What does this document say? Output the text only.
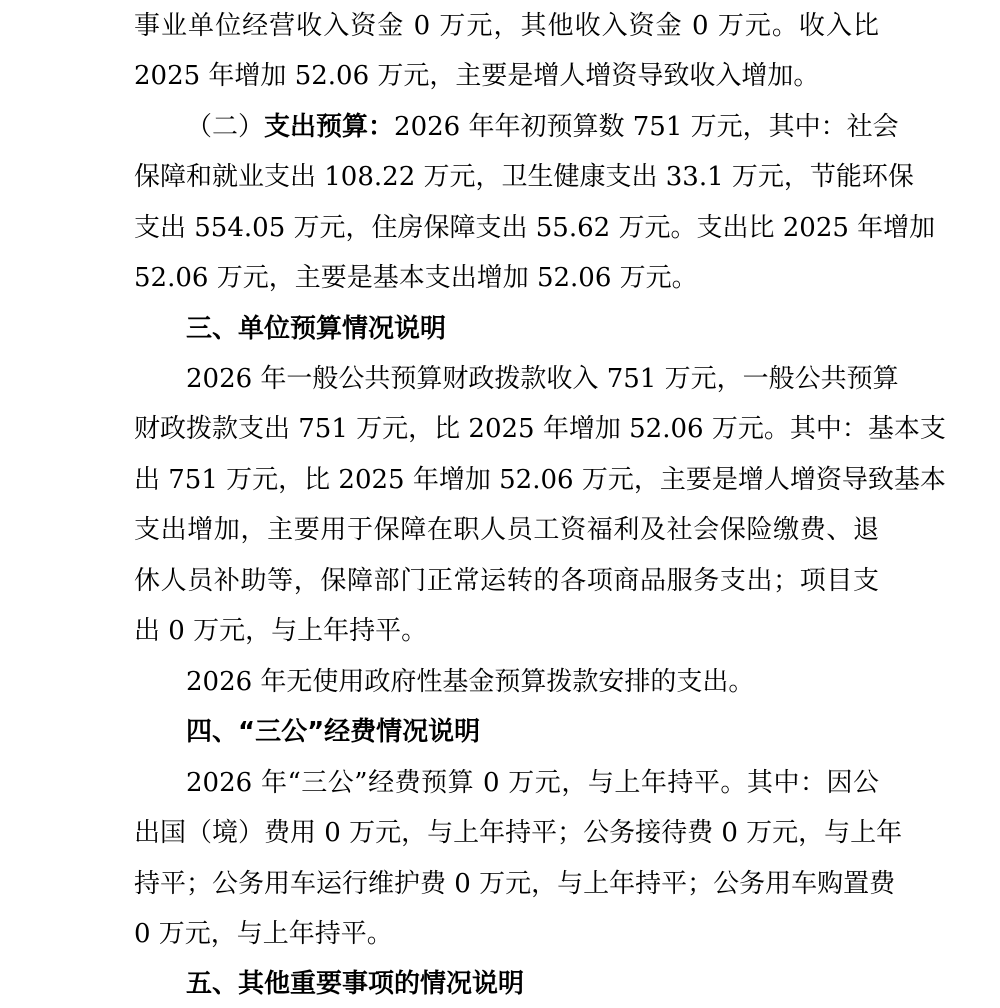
事业单位经营收入资金 0 万元，其他收入资金 0 万元。收入比

2025 年增加 52.06 万元，主要是增人增资导致收入增加。

（二）支出预算：2026 年年初预算数 751 万元，其中：社会

保障和就业支出 108.22 万元，卫生健康支出 33.1 万元，节能环保

支出 554.05 万元，住房保障支出 55.62 万元。支出比 2025 年增加

52.06 万元，主要是基本支出增加 52.06 万元。

三、单位预算情况说明

2026 年一般公共预算财政拨款收入 751 万元，一般公共预算

财政拨款支出 751 万元，比 2025 年增加 52.06 万元。其中：基本支

出 751 万元，比 2025 年增加 52.06 万元，主要是增人增资导致基本

支出增加，主要用于保障在职人员工资福利及社会保险缴费、退

休人员补助等，保障部门正常运转的各项商品服务支出；项目支

出 0 万元，与上年持平。

2026 年无使用政府性基金预算拨款安排的支出。

四、“三公”经费情况说明

2026 年“三公”经费预算 0 万元，与上年持平。其中：因公

出国（境）费用 0 万元，与上年持平；公务接待费 0 万元，与上年

持平；公务用车运行维护费 0 万元，与上年持平；公务用车购置费

0 万元，与上年持平。

五、其他重要事项的情况说明
